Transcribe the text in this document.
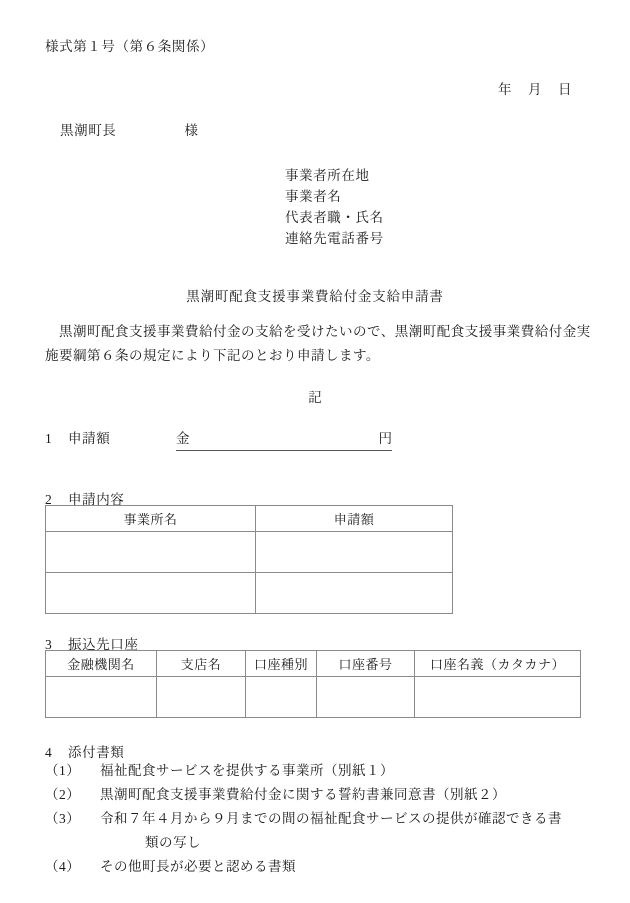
様式第１号（第６条関係）
年 月 日
黒潮町長	様
事業者所在地
事業者名
代表者職・氏名
連絡先電話番号
黒潮町配食支援事業費給付金支給申請書
黒潮町配食支援事業費給付金の支給を受けたいので、黒潮町配食支援事業費給付金実施要綱第６条の規定により下記のとおり申請します。
記
1 申請額	金	円
2 申請内容
事業所名	申請額

3 振込先口座
金融機関名	支店名	口座種別	口座番号	口座名義（カタカナ）

4 添付書類
（1）	福祉配食サービスを提供する事業所（別紙１）
（2）	黒潮町配食支援事業費給付金に関する誓約書兼同意書（別紙２）
（3）	令和７年４月から９月までの間の福祉配食サービスの提供が確認できる書
類の写し
（4）	その他町長が必要と認める書類
